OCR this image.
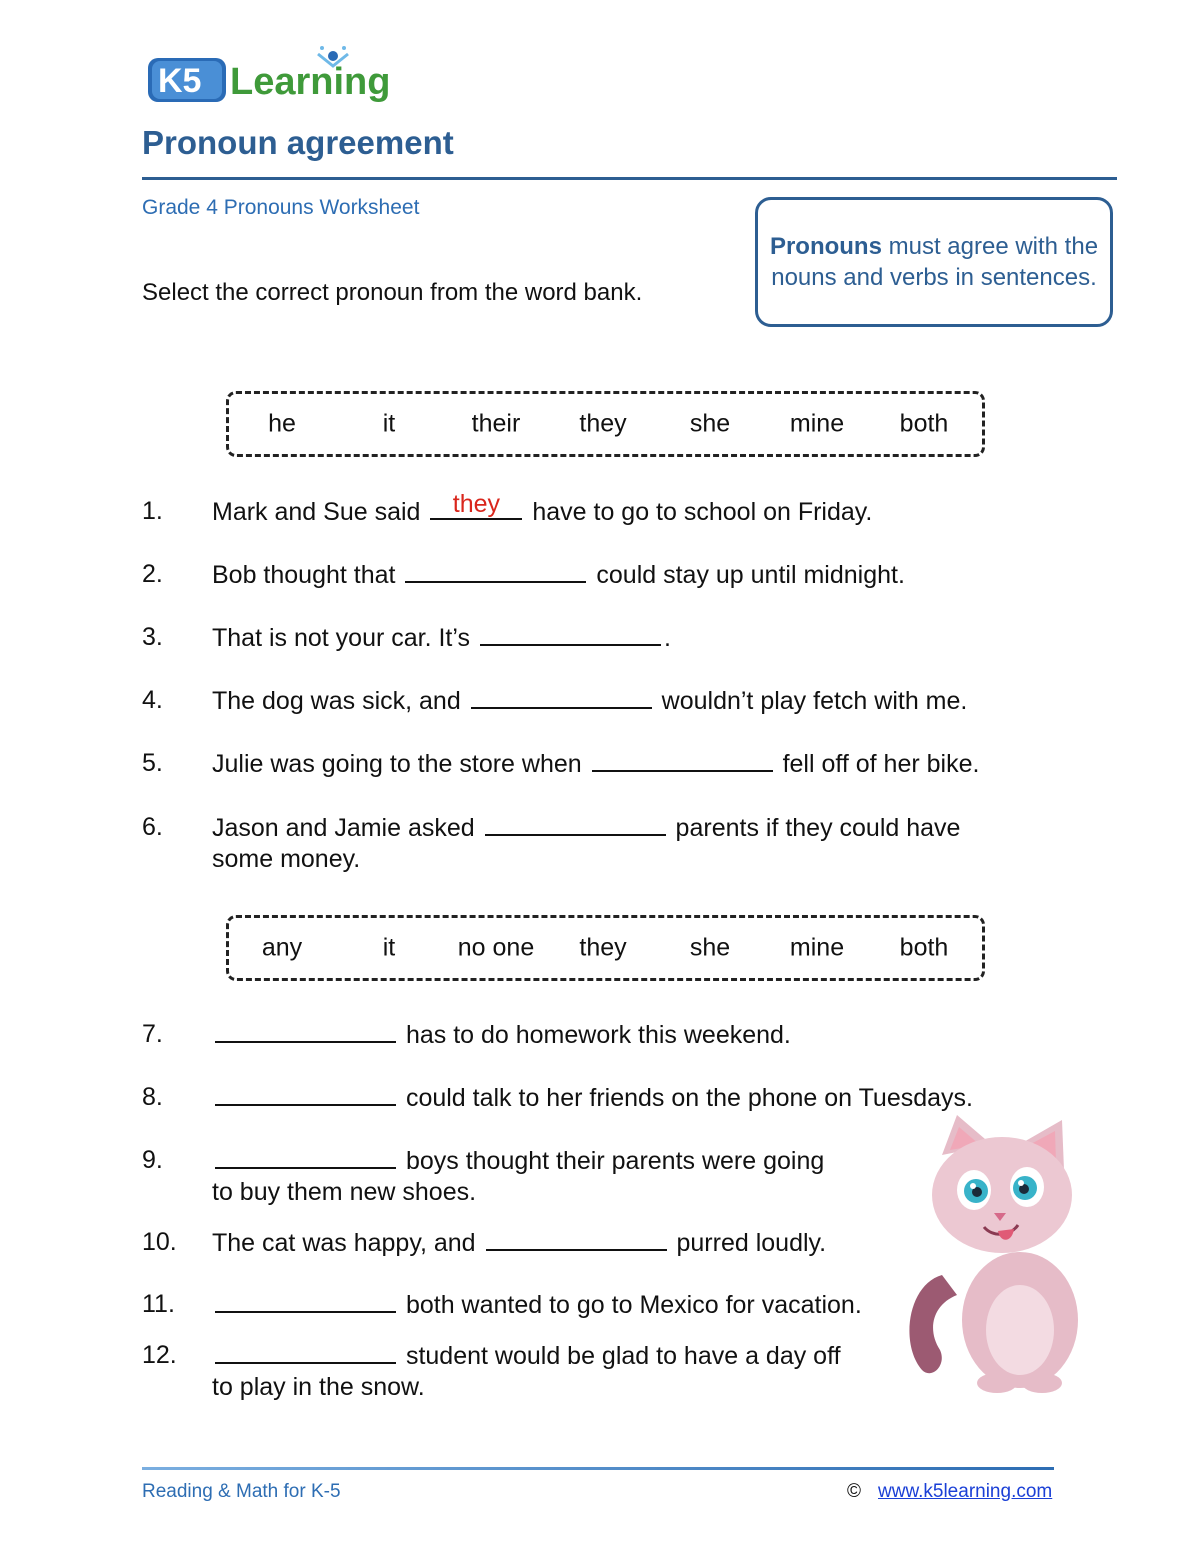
K5 Learning
Pronoun agreement
Grade 4 Pronouns Worksheet
Select the correct pronoun from the word bank.
Pronouns must agree with the nouns and verbs in sentences.
he	it	their they	she mine both
any	it	no one they	she mine both
1. Mark and Sue said	they	have to go to school on Friday.
2. Bob thought that	could stay up until midnight.
3. That is not your car. It’s	.
4. The dog was sick, and	wouldn’t play fetch with me.
5. Julie was going to the store when	fell off of her bike.
6. Jason and Jamie asked	parents if they could have
some money.
7.	has to do homework this weekend.
8.	could talk to her friends on the phone on Tuesdays.
9.	boys thought their parents were going
to buy them new shoes.
10. The cat was happy, and	purred loudly.
11.	both wanted to go to Mexico for vacation.
12.	student would be glad to have a day off
to play in the snow.
Reading & Math for K-5	© www.k5learning.com
